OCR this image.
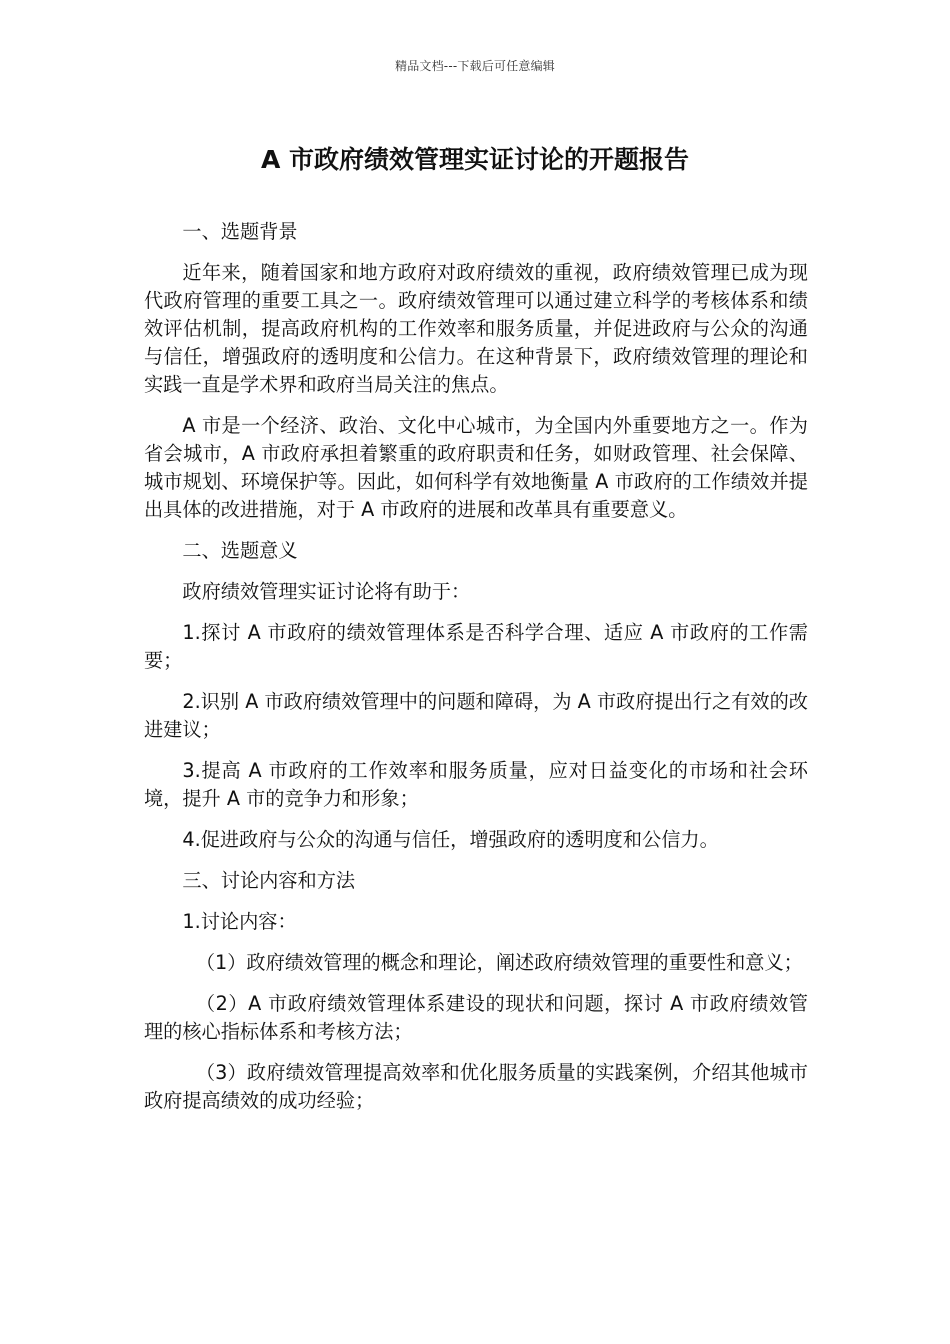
精品文档---下载后可任意编辑
A 市政府绩效管理实证讨论的开题报告

一、选题背景

近年来，随着国家和地方政府对政府绩效的重视，政府绩效管理已成为现代政府管理的重要工具之一。政府绩效管理可以通过建立科学的考核体系和绩效评估机制，提高政府机构的工作效率和服务质量，并促进政府与公众的沟通与信任，增强政府的透明度和公信力。在这种背景下，政府绩效管理的理论和实践一直是学术界和政府当局关注的焦点。

A 市是一个经济、政治、文化中心城市，为全国内外重要地方之一。作为省会城市，A 市政府承担着繁重的政府职责和任务，如财政管理、社会保障、城市规划、环境保护等。因此，如何科学有效地衡量 A 市政府的工作绩效并提出具体的改进措施，对于 A 市政府的进展和改革具有重要意义。

二、选题意义

政府绩效管理实证讨论将有助于：

1.探讨 A 市政府的绩效管理体系是否科学合理、适应 A 市政府的工作需要；

2.识别 A 市政府绩效管理中的问题和障碍，为 A 市政府提出行之有效的改进建议；

3.提高 A 市政府的工作效率和服务质量，应对日益变化的市场和社会环境，提升 A 市的竞争力和形象；

4.促进政府与公众的沟通与信任，增强政府的透明度和公信力。

三、讨论内容和方法

1.讨论内容：

（1）政府绩效管理的概念和理论，阐述政府绩效管理的重要性和意义；

（2）A 市政府绩效管理体系建设的现状和问题，探讨 A 市政府绩效管理的核心指标体系和考核方法；

（3）政府绩效管理提高效率和优化服务质量的实践案例，介绍其他城市政府提高绩效的成功经验；
